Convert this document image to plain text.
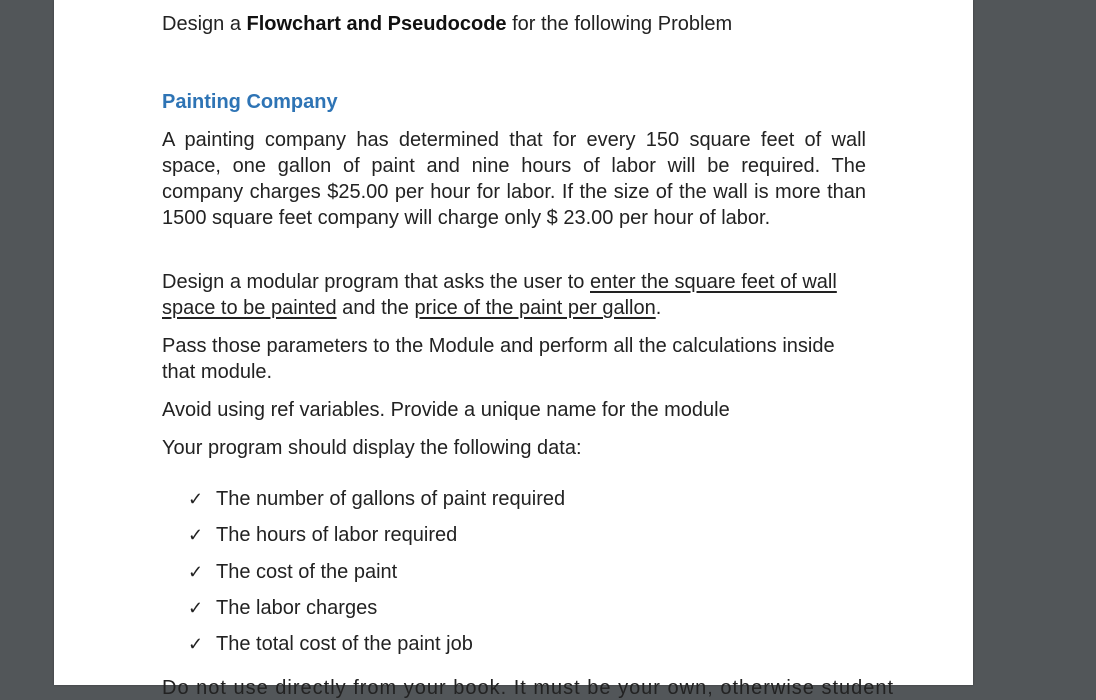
Design a Flowchart and Pseudocode for the following Problem
Painting Company

A painting company has determined that for every 150 square feet of wall space, one gallon of paint and nine hours of labor will be required. The company charges $25.00 per hour for labor. If the size of the wall is more than 1500 square feet company will charge only $ 23.00 per hour of labor.

Design a modular program that asks the user to enter the square feet of wall space to be painted and the price of the paint per gallon.

Pass those parameters to the Module and perform all the calculations inside that module.

Avoid using ref variables. Provide a unique name for the module

Your program should display the following data:

✓ The number of gallons of paint required
✓ The hours of labor required
✓ The cost of the paint
✓ The labor charges
✓ The total cost of the paint job
Do not use directly from your book. It must be your own, otherwise student
